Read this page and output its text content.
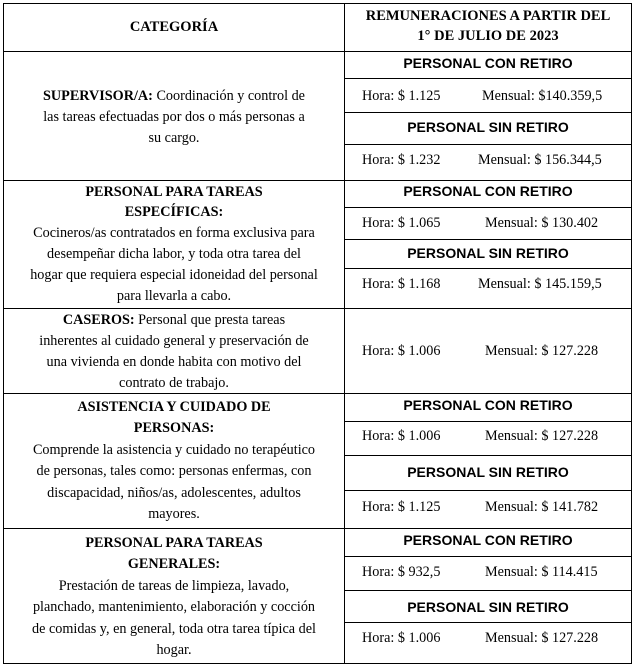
CATEGORÍA
REMUNERACIONES A PARTIR DEL
1° DE JULIO DE 2023
SUPERVISOR/A: Coordinación y control de
las tareas efectuadas por dos o más personas a
su cargo.
PERSONAL CON RETIRO
Hora: $ 1.125	Mensual: $140.359,5
PERSONAL SIN RETIRO
Hora: $ 1.232	Mensual: $ 156.344,5
PERSONAL PARA TAREAS
ESPECÍFICAS:
Cocineros/as contratados en forma exclusiva para
desempeñar dicha labor, y toda otra tarea del
hogar que requiera especial idoneidad del personal
para llevarla a cabo.
PERSONAL CON RETIRO
Hora: $ 1.065	Mensual: $ 130.402
PERSONAL SIN RETIRO
Hora: $ 1.168	Mensual: $ 145.159,5
CASEROS: Personal que presta tareas
inherentes al cuidado general y preservación de
una vivienda en donde habita con motivo del
contrato de trabajo.
Hora: $ 1.006	Mensual: $ 127.228
ASISTENCIA Y CUIDADO DE
PERSONAS:
Comprende la asistencia y cuidado no terapéutico
de personas, tales como: personas enfermas, con
discapacidad, niños/as, adolescentes, adultos
mayores.
PERSONAL CON RETIRO
Hora: $ 1.006	Mensual: $ 127.228
PERSONAL SIN RETIRO
Hora: $ 1.125	Mensual: $ 141.782
PERSONAL PARA TAREAS
GENERALES:
Prestación de tareas de limpieza, lavado,
planchado, mantenimiento, elaboración y cocción
de comidas y, en general, toda otra tarea típica del
hogar.
PERSONAL CON RETIRO
Hora: $ 932,5	Mensual: $ 114.415
PERSONAL SIN RETIRO
Hora: $ 1.006	Mensual: $ 127.228
